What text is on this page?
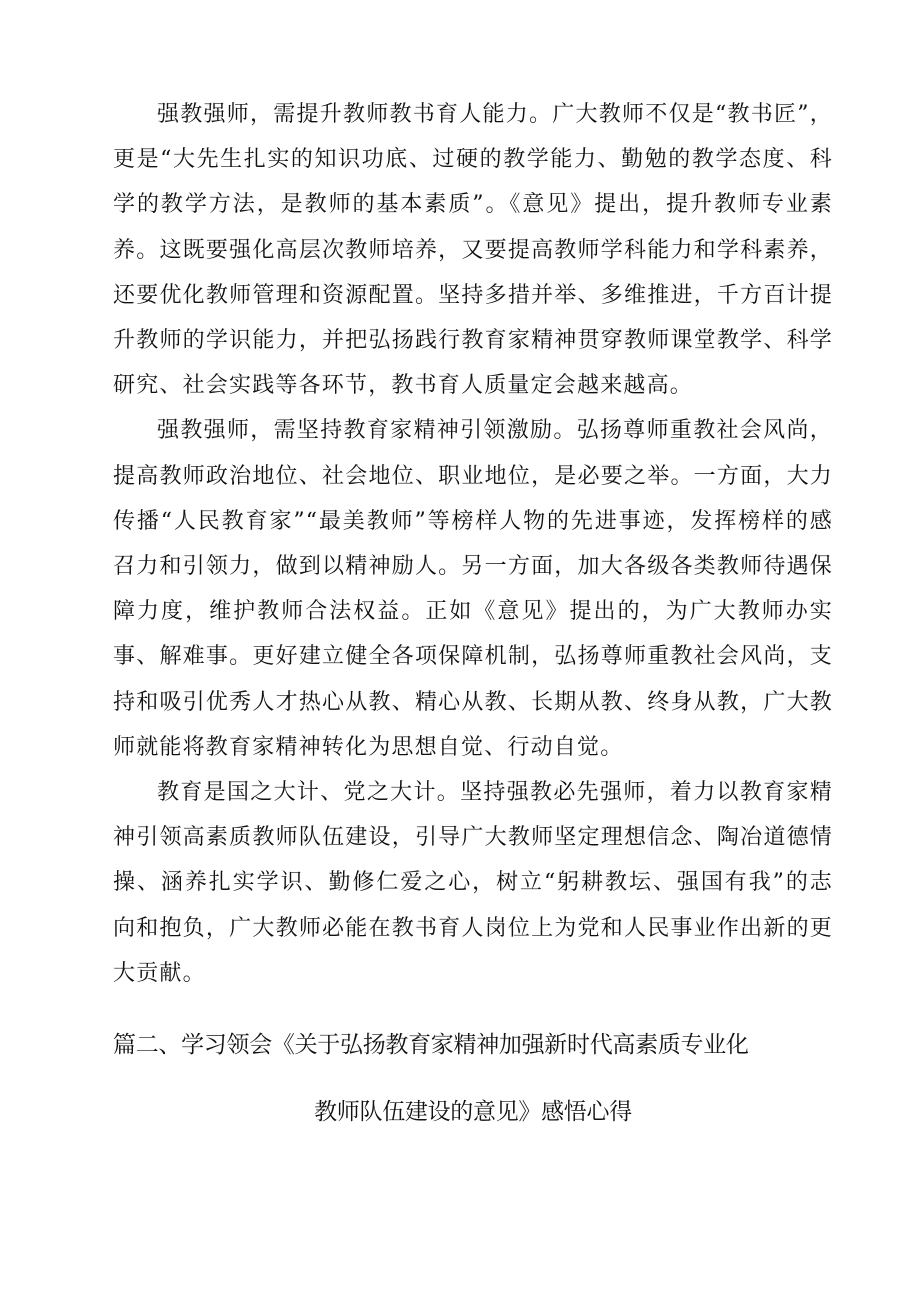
强教强师，需提升教师教书育人能力。广大教师不仅是“教书匠”，更是“大先生扎实的知识功底、过硬的教学能力、勤勉的教学态度、科学的教学方法，是教师的基本素质”。《意见》提出，提升教师专业素养。这既要强化高层次教师培养，又要提高教师学科能力和学科素养，还要优化教师管理和资源配置。坚持多措并举、多维推进，千方百计提升教师的学识能力，并把弘扬践行教育家精神贯穿教师课堂教学、科学研究、社会实践等各环节，教书育人质量定会越来越高。

强教强师，需坚持教育家精神引领激励。弘扬尊师重教社会风尚，提高教师政治地位、社会地位、职业地位，是必要之举。一方面，大力传播“人民教育家”“最美教师”等榜样人物的先进事迹，发挥榜样的感召力和引领力，做到以精神励人。另一方面，加大各级各类教师待遇保障力度，维护教师合法权益。正如《意见》提出的，为广大教师办实事、解难事。更好建立健全各项保障机制，弘扬尊师重教社会风尚，支持和吸引优秀人才热心从教、精心从教、长期从教、终身从教，广大教师就能将教育家精神转化为思想自觉、行动自觉。

教育是国之大计、党之大计。坚持强教必先强师，着力以教育家精神引领高素质教师队伍建设，引导广大教师坚定理想信念、陶冶道德情操、涵养扎实学识、勤修仁爱之心，树立“躬耕教坛、强国有我”的志向和抱负，广大教师必能在教书育人岗位上为党和人民事业作出新的更大贡献。

篇二、学习领会《关于弘扬教育家精神加强新时代高素质专业化
教师队伍建设的意见》感悟心得
